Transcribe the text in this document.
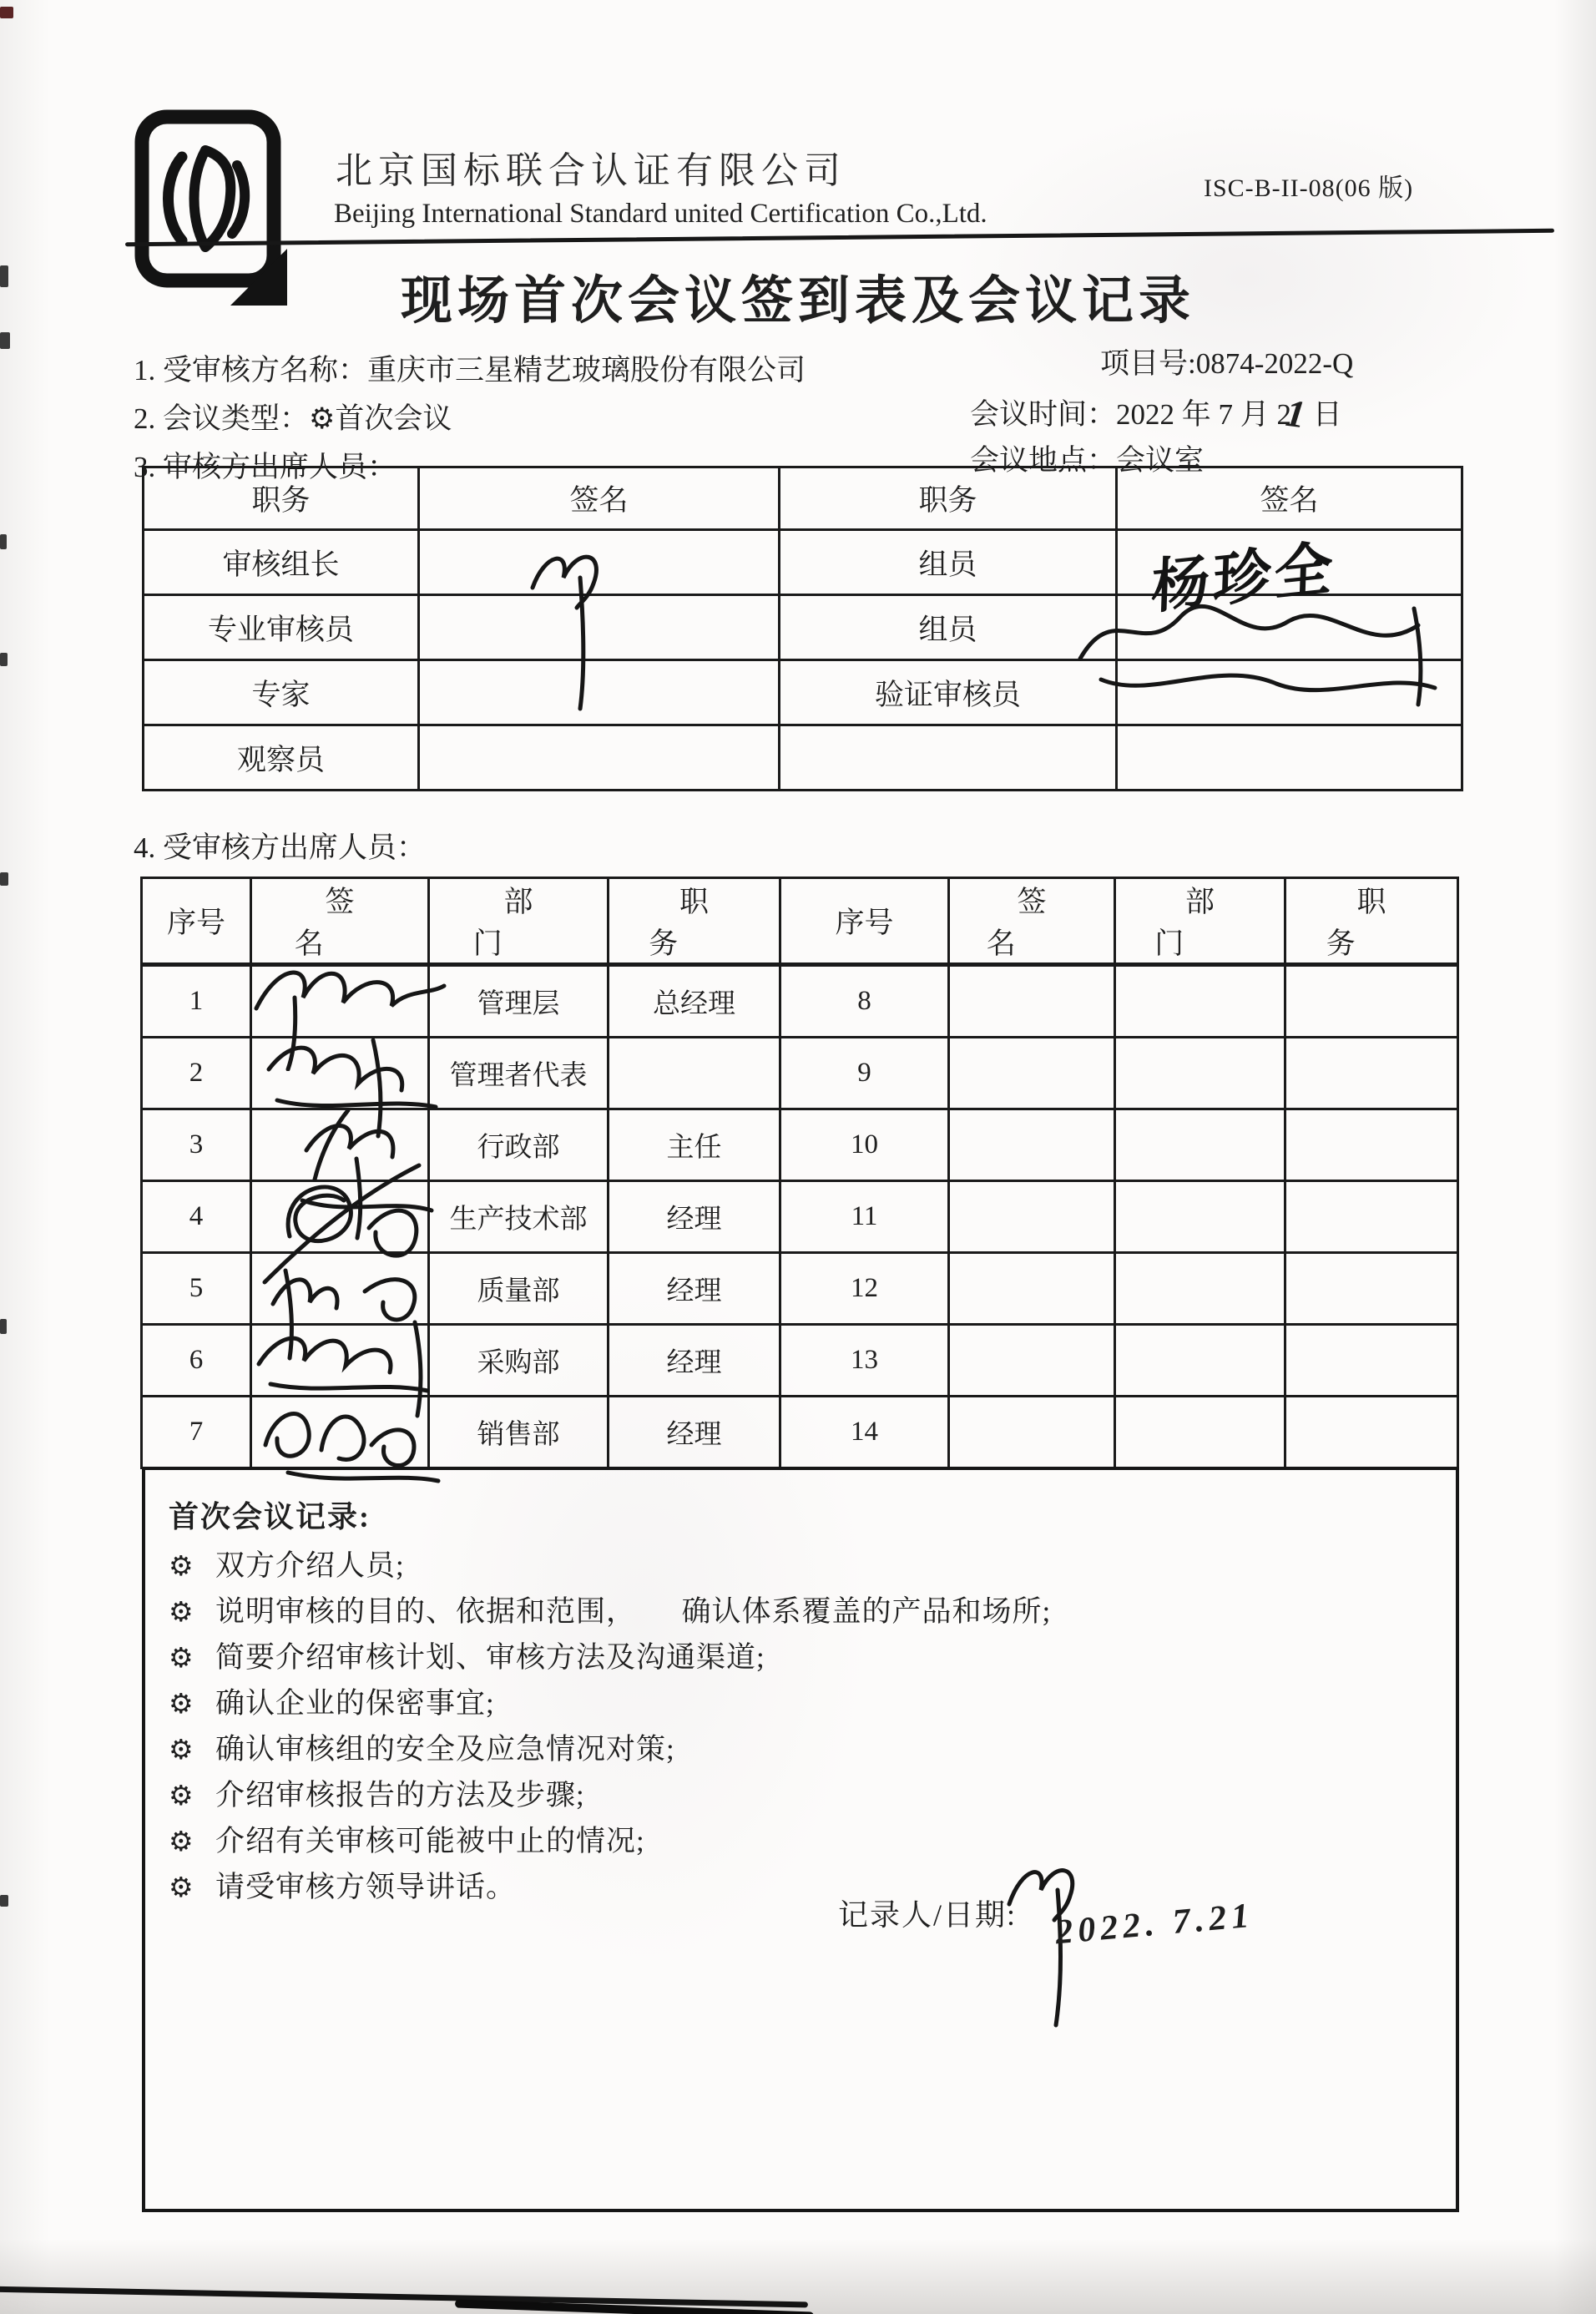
北京国标联合认证有限公司
Beijing International Standard united Certification Co.,Ltd.
ISC-B-II-08(06 版)
现场首次会议签到表及会议记录
1. 受审核方名称：重庆市三星精艺玻璃股份有限公司	项目号:0874-2022-Q
2. 会议类型：⚙首次会议	会议时间：2022 年 7 月 21 日
3. 审核方出席人员：	会议地点：会议室
职务	签名	职务	签名
审核组长		组员	杨珍全

专业审核员		组员	

专家		验证审核员	
观察员			
4. 受审核方出席人员：
序号	签名	部门	职务	序号	签名	部门	职务
1		管理层	总经理	8			
2		管理者代表		9			
3		行政部	主任	10			
4		生产技术部	经理	11			
5		质量部	经理	12			
6		采购部	经理	13			
7		销售部	经理	14			
首次会议记录:
⚙ 双方介绍人员;
⚙ 说明审核的目的、依据和范围，　　确认体系覆盖的产品和场所;
⚙ 简要介绍审核计划、审核方法及沟通渠道;
⚙ 确认企业的保密事宜;
⚙ 确认审核组的安全及应急情况对策;
⚙ 介绍审核报告的方法及步骤;
⚙ 介绍有关审核可能被中止的情况;
⚙ 请受审核方领导讲话。
记录人/日期: 2022. 7.21
